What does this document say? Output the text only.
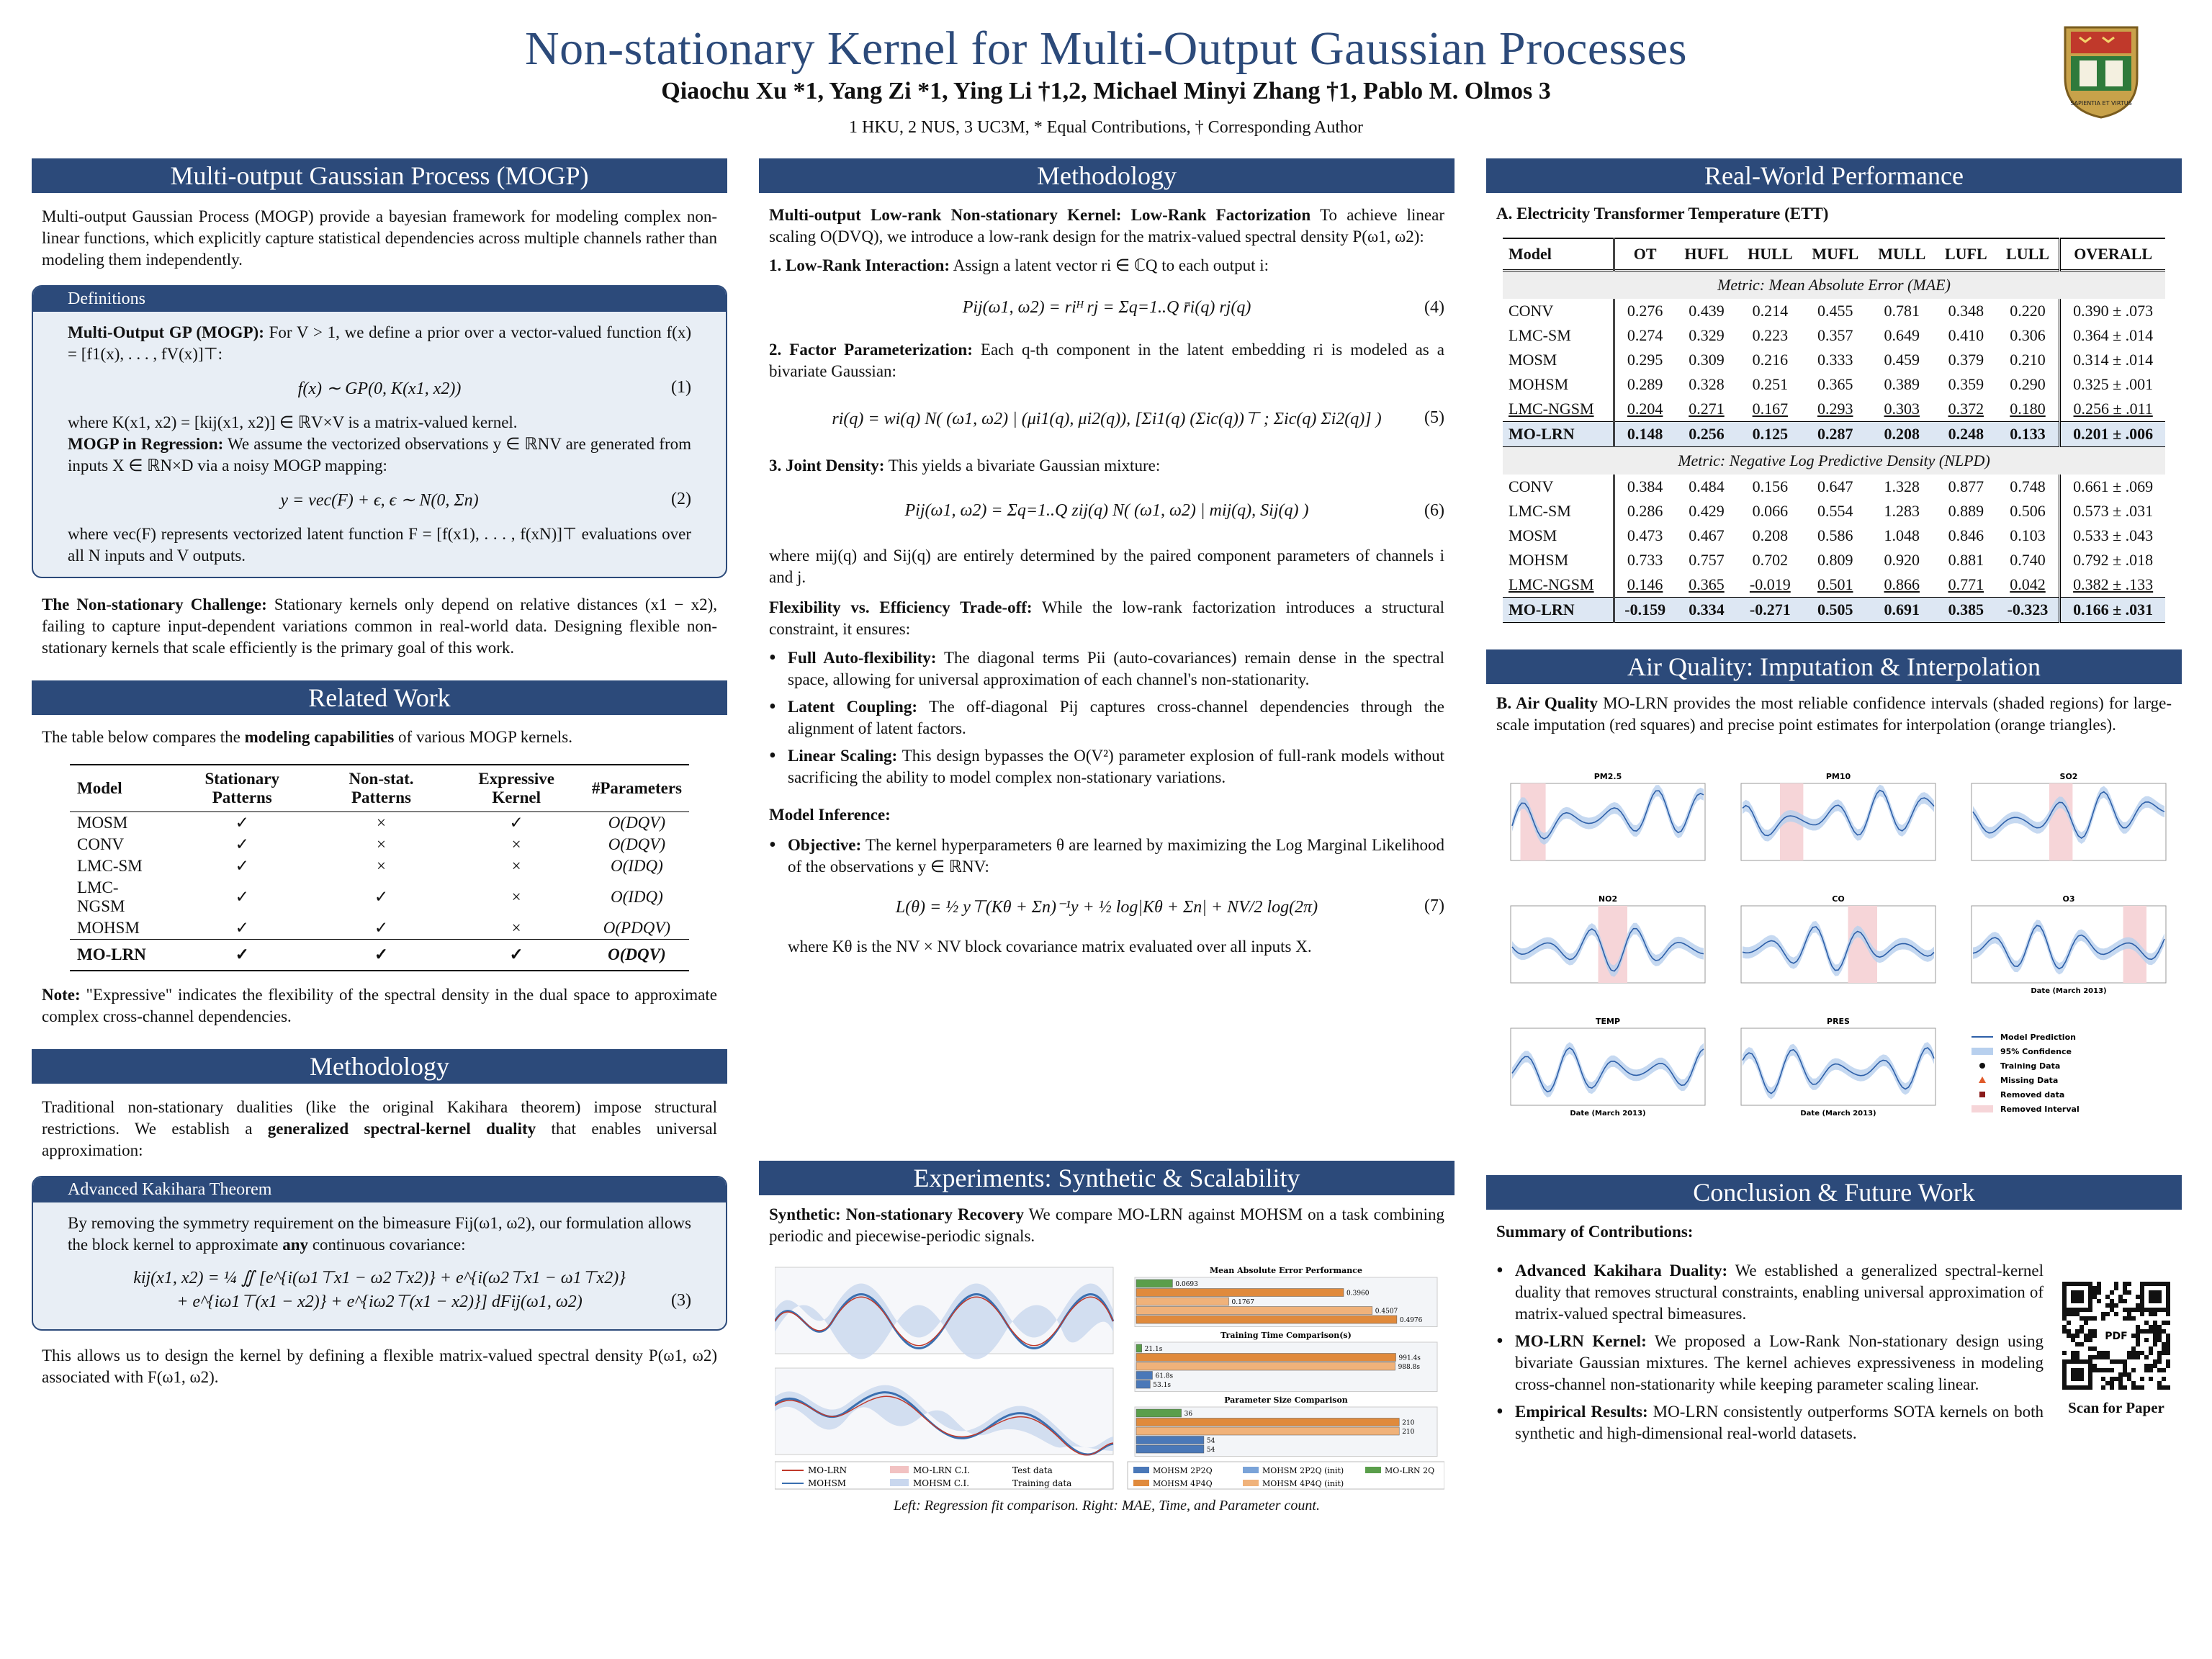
Non-stationary Kernel for Multi-Output Gaussian Processes
Qiaochu Xu *1, Yang Zi *1, Ying Li †1,2, Michael Minyi Zhang †1, Pablo M. Olmos 3
1 HKU, 2 NUS, 3 UC3M, * Equal Contributions, † Corresponding Author
SAPIENTIA ET VIRTUS
Multi-output Gaussian Process (MOGP)
Multi-output Gaussian Process (MOGP) provide a bayesian framework for modeling complex non-linear functions, which explicitly capture statistical dependencies across multiple channels rather than modeling them independently.
Definitions
Multi-Output GP (MOGP): For V > 1, we define a prior over a vector-valued function f(x) = [f1(x), . . . , fV(x)]⊤:
f(x) ∼ GP(0, K(x1, x2))	(1)
where K(x1, x2) = [kij(x1, x2)] ∈ ℝV×V is a matrix-valued kernel.
MOGP in Regression: We assume the vectorized observations y ∈ ℝNV are generated from inputs X ∈ ℝN×D via a noisy MOGP mapping:
y = vec(F) + ϵ, ϵ ∼ N(0, Σn)	(2)
where vec(F) represents vectorized latent function F = [f(x1), . . . , f(xN)]⊤ evaluations over all N inputs and V outputs.
The Non-stationary Challenge: Stationary kernels only depend on relative distances (x1 − x2), failing to capture input-dependent variations common in real-world data. Designing flexible non-stationary kernels that scale efficiently is the primary goal of this work.
Related Work
The table below compares the modeling capabilities of various MOGP kernels.
Model	Stationary Patterns	Non-stat. Patterns	Expressive Kernel	#Parameters
MOSM	✓	×	✓	O(DQV)
CONV	✓	×	×	O(DQV)
LMC-SM	✓	×	×	O(IDQ)
LMC-NGSM	✓	✓	×	O(IDQ)
MOHSM	✓	✓	×	O(PDQV)
MO-LRN	✓	✓	✓	O(DQV)
Note: "Expressive" indicates the flexibility of the spectral density in the dual space to approximate complex cross-channel dependencies.
Methodology
Traditional non-stationary dualities (like the original Kakihara theorem) impose structural restrictions. We establish a generalized spectral-kernel duality that enables universal approximation:
Advanced Kakihara Theorem
By removing the symmetry requirement on the bimeasure Fij(ω1, ω2), our formulation allows the block kernel to approximate any continuous covariance:
kij(x1, x2) = ¼ ∬ [e^{i(ω1⊤x1 − ω2⊤x2)} + e^{i(ω2⊤x1 − ω1⊤x2)}
+ e^{iω1⊤(x1 − x2)} + e^{iω2⊤(x1 − x2)}] dFij(ω1, ω2)	(3)
This allows us to design the kernel by defining a flexible matrix-valued spectral density P(ω1, ω2) associated with F(ω1, ω2).
Methodology
Multi-output Low-rank Non-stationary Kernel: Low-Rank Factorization To achieve linear scaling O(DVQ), we introduce a low-rank design for the matrix-valued spectral density P(ω1, ω2):
1. Low-Rank Interaction: Assign a latent vector ri ∈ ℂQ to each output i:
Pij(ω1, ω2) = riᴴ rj = Σq=1..Q r̄i(q) rj(q)	(4)
2. Factor Parameterization: Each q-th component in the latent embedding ri is modeled as a bivariate Gaussian:
ri(q) = wi(q) N( (ω1, ω2) | (μi1(q), μi2(q)), [Σi1(q) (Σic(q))⊤ ; Σic(q) Σi2(q)] ) (5)
3. Joint Density: This yields a bivariate Gaussian mixture:
Pij(ω1, ω2) = Σq=1..Q zij(q) N( (ω1, ω2) | mij(q), Sij(q) )	(6)
where mij(q) and Sij(q) are entirely determined by the paired component parameters of channels i and j.
Flexibility vs. Efficiency Trade-off: While the low-rank factorization introduces a structural constraint, it ensures:
• Full Auto-flexibility: The diagonal terms Pii (auto-covariances) remain dense in the spectral space, allowing for universal approximation of each channel's non-stationarity.
• Latent Coupling: The off-diagonal Pij captures cross-channel dependencies through the alignment of latent factors.
• Linear Scaling: This design bypasses the O(V²) parameter explosion of full-rank models without sacrificing the ability to model complex non-stationary variations.
Model Inference:
• Objective: The kernel hyperparameters θ are learned by maximizing the Log Marginal Likelihood of the observations y ∈ ℝNV:
L(θ) = ½ y⊤(Kθ + Σn)⁻¹y + ½ log|Kθ + Σn| + NV/2 log(2π)	(7)
where Kθ is the NV × NV block covariance matrix evaluated over all inputs X.
Experiments: Synthetic & Scalability
Synthetic: Non-stationary Recovery We compare MO-LRN against MOHSM on a task combining periodic and piecewise-periodic signals.
MO-LRN
MOHSM
MO-LRN C.I.
MOHSM C.I.
Test data
Training data
Mean Absolute Error Performance
0.0693
0.3960
0.1767
0.4507
0.4976
Training Time Comparison(s)
21.1s
991.4s
988.8s
61.8s
53.1s
Parameter Size Comparison
36
210
210
54
54
MOHSM 2P2Q
MOHSM 4P4Q
MOHSM 2P2Q (init)
MOHSM 4P4Q (init)
MO-LRN 2Q
Left: Regression fit comparison. Right: MAE, Time, and Parameter count.
Real-World Performance
A. Electricity Transformer Temperature (ETT)
Model	OT	HUFL	HULL	MUFL	MULL	LUFL	LULL	OVERALL
Metric: Mean Absolute Error (MAE)								
CONV	0.276	0.439	0.214	0.455	0.781	0.348	0.220	0.390 ± .073
LMC-SM	0.274	0.329	0.223	0.357	0.649	0.410	0.306	0.364 ± .014
MOSM	0.295	0.309	0.216	0.333	0.459	0.379	0.210	0.314 ± .014
MOHSM	0.289	0.328	0.251	0.365	0.389	0.359	0.290	0.325 ± .001
LMC-NGSM	0.204	0.271	0.167	0.293	0.303	0.372	0.180	0.256 ± .011
MO-LRN	0.148	0.256	0.125	0.287	0.208	0.248	0.133	0.201 ± .006
Metric: Negative Log Predictive Density (NLPD)								
CONV	0.384	0.484	0.156	0.647	1.328	0.877	0.748	0.661 ± .069
LMC-SM	0.286	0.429	0.066	0.554	1.283	0.889	0.506	0.573 ± .031
MOSM	0.473	0.467	0.208	0.586	1.048	0.846	0.103	0.533 ± .043
MOHSM	0.733	0.757	0.702	0.809	0.920	0.881	0.740	0.792 ± .018
LMC-NGSM	0.146	0.365	-0.019	0.501	0.866	0.771	0.042	0.382 ± .133
MO-LRN	-0.159	0.334	-0.271	0.505	0.691	0.385	-0.323	0.166 ± .031
Air Quality: Imputation & Interpolation
B. Air Quality MO-LRN provides the most reliable confidence intervals (shaded regions) for large-scale imputation (red squares) and precise point estimates for interpolation (orange triangles).
PM2.5	PM10	SO2
NO2	CO	O3
Date (March 2013)
TEMP
Date (March 2013)
PRES
Date (March 2013)
Model Prediction
95% Confidence
Training Data
Missing Data
Removed data
Removed Interval
Conclusion & Future Work
Summary of Contributions:
• Advanced Kakihara Duality: We established a generalized spectral-kernel duality that removes structural constraints, enabling universal approximation of matrix-valued spectral bimeasures.
• MO-LRN Kernel: We proposed a Low-Rank Non-stationary design using bivariate Gaussian mixtures. The kernel achieves expressiveness in modeling cross-channel non-stationarity while keeping parameter scaling linear.
• Empirical Results: MO-LRN consistently outperforms SOTA kernels on both synthetic and high-dimensional real-world datasets.
PDF
Scan for Paper
